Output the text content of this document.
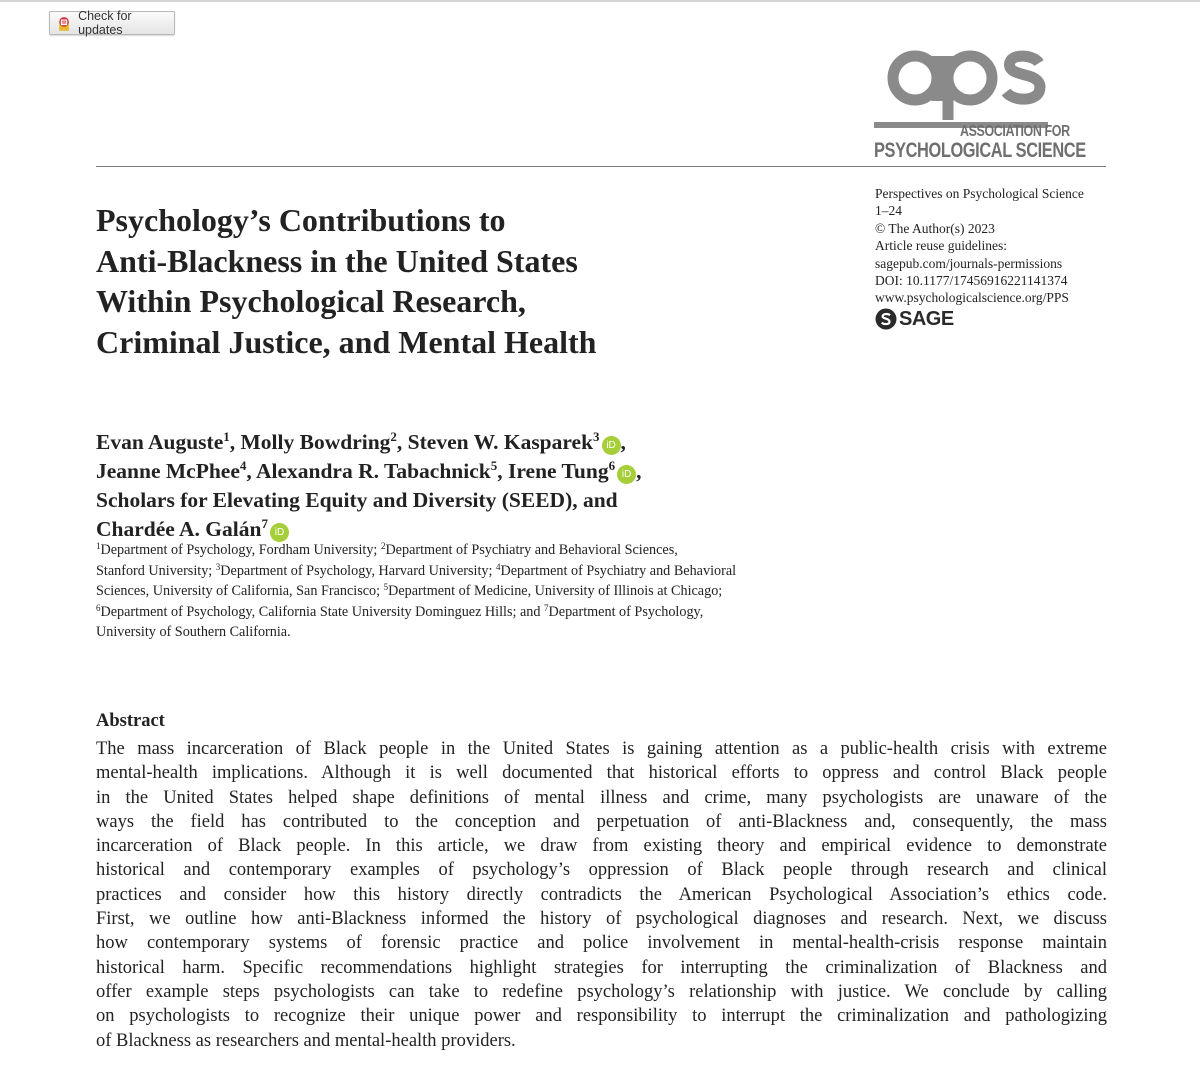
Check for updates
ASSOCIATION FOR
PSYCHOLOGICAL SCIENCE
Perspectives on Psychological Science
1–24
© The Author(s) 2023
Article reuse guidelines:
sagepub.com/journals-permissions
DOI: 10.1177/17456916221141374
www.psychologicalscience.org/PPS
SAGE
Psychology’s Contributions to
Anti-Blackness in the United States
Within Psychological Research,
Criminal Justice, and Mental Health
Evan Auguste$^1$, Molly Bowdring$^2$, Steven W. Kasparek$^3$iD ,
Jeanne McPhee$^4$, Alexandra R. Tabachnick$^5$, Irene Tung$^6$iD ,
Scholars for Elevating Equity and Diversity (SEED), and
Chardée A. Galán$^7$iD
$^1$Department of Psychology, Fordham University; $^2$Department of Psychiatry and Behavioral Sciences,
Stanford University; $^3$Department of Psychology, Harvard University; $^4$Department of Psychiatry and Behavioral
Sciences, University of California, San Francisco; $^5$Department of Medicine, University of Illinois at Chicago;
$^6$Department of Psychology, California State University Dominguez Hills; and $^7$Department of Psychology,
University of Southern California.
Abstract
The mass incarceration of Black people in the United States is gaining attention as a public-health crisis with extreme
mental-health implications. Although it is well documented that historical efforts to oppress and control Black people
in the United States helped shape definitions of mental illness and crime, many psychologists are unaware of the
ways the field has contributed to the conception and perpetuation of anti-Blackness and, consequently, the mass
incarceration of Black people. In this article, we draw from existing theory and empirical evidence to demonstrate
historical and contemporary examples of psychology’s oppression of Black people through research and clinical
practices and consider how this history directly contradicts the American Psychological Association’s ethics code.
First, we outline how anti-Blackness informed the history of psychological diagnoses and research. Next, we discuss
how contemporary systems of forensic practice and police involvement in mental-health-crisis response maintain
historical harm. Specific recommendations highlight strategies for interrupting the criminalization of Blackness and
offer example steps psychologists can take to redefine psychology’s relationship with justice. We conclude by calling
on psychologists to recognize their unique power and responsibility to interrupt the criminalization and pathologizing
of Blackness as researchers and mental-health providers.
